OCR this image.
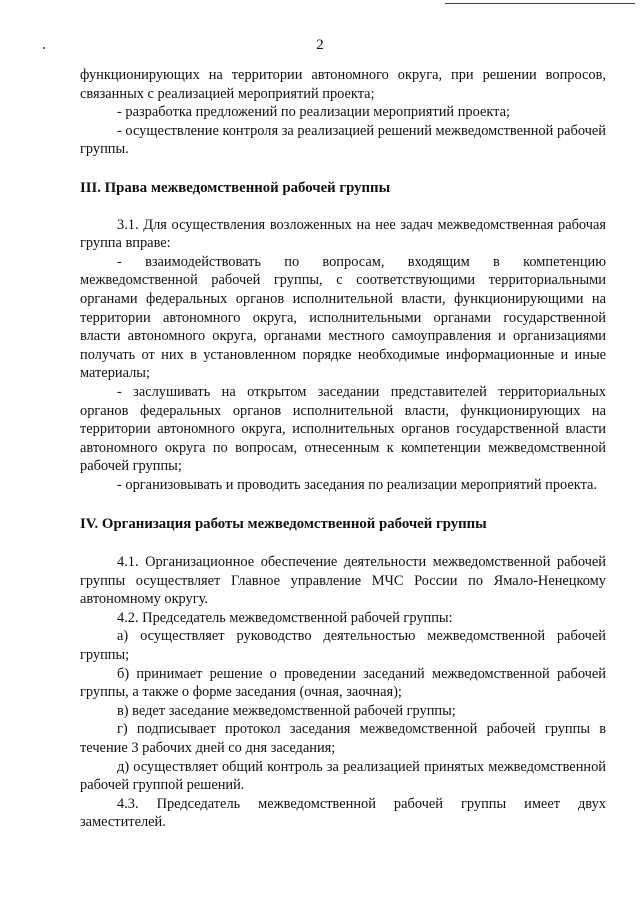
2

функционирующих на территории автономного округа, при решении вопросов, связанных с реализацией мероприятий проекта;

- разработка предложений по реализации мероприятий проекта;

- осуществление контроля за реализацией решений межведомственной рабочей группы.

III. Права межведомственной рабочей группы

3.1. Для осуществления возложенных на нее задач межведомственная рабочая группа вправе:

- взаимодействовать по вопросам, входящим в компетенцию межведомственной рабочей группы, с соответствующими территориальными органами федеральных органов исполнительной власти, функционирующими на территории автономного округа, исполнительными органами государственной власти автономного округа, органами местного самоуправления и организациями получать от них в установленном порядке необходимые информационные и иные материалы;

- заслушивать на открытом заседании представителей территориальных органов федеральных органов исполнительной власти, функционирующих на территории автономного округа, исполнительных органов государственной власти автономного округа по вопросам, отнесенным к компетенции межведомственной рабочей группы;

- организовывать и проводить заседания по реализации мероприятий проекта.

IV. Организация работы межведомственной рабочей группы

4.1. Организационное обеспечение деятельности межведомственной рабочей группы осуществляет Главное управление МЧС России по Ямало-Ненецкому автономному округу.

4.2. Председатель межведомственной рабочей группы:

а) осуществляет руководство деятельностью межведомственной рабочей группы;

б) принимает решение о проведении заседаний межведомственной рабочей группы, а также о форме заседания (очная, заочная);

в) ведет заседание межведомственной рабочей группы;

г) подписывает протокол заседания межведомственной рабочей группы в течение 3 рабочих дней со дня заседания;

д) осуществляет общий контроль за реализацией принятых межведомственной рабочей группой решений.

4.3. Председатель межведомственной рабочей группы имеет двух заместителей.
